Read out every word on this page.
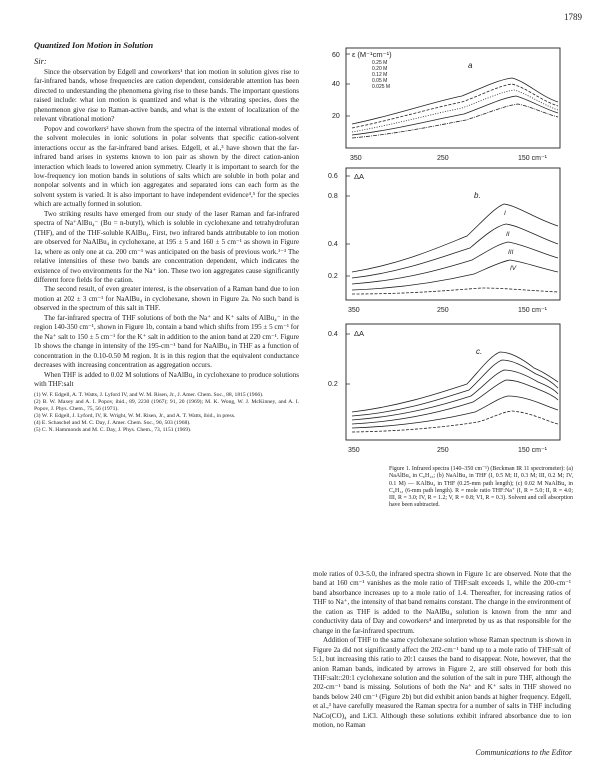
1789
Quantized Ion Motion in Solution
Sir:

Since the observation by Edgell and coworkers¹ that ion motion in solution gives rise to far-infrared bands, whose frequencies are cation dependent, considerable attention has been directed to understanding the phenomena giving rise to these bands. The important questions raised include: what ion motion is quantized and what is the vibrating species, does the phenomenon give rise to Raman-active bands, and what is the extent of localization of the relevant vibrational motion?

Popov and coworkers² have shown from the spectra of the internal vibrational modes of the solvent molecules in ionic solutions in polar solvents that specific cation-solvent interactions occur as the far-infrared band arises. Edgell, et al.,³ have shown that the far-infrared band arises in systems known to ion pair as shown by the direct cation-anion interaction which leads to lowered anion symmetry. Clearly it is important to search for the low-frequency ion motion bands in solutions of salts which are soluble in both polar and nonpolar solvents and in which ion aggregates and separated ions can each form as the solvent system is varied. It is also important to have independent evidence⁴,⁵ for the species which are actually formed in solution.

Two striking results have emerged from our study of the laser Raman and far-infrared spectra of Na⁺AlBu₄⁻ (Bu = n-butyl), which is soluble in cyclohexane and tetrahydrofuran (THF), and of the THF-soluble KAlBu₄. First, two infrared bands attributable to ion motion are observed for NaAlBu₄ in cyclohexane, at 195 ± 5 and 160 ± 5 cm⁻¹ as shown in Figure 1a, where as only one at ca. 200 cm⁻¹ was anticipated on the basis of previous work.¹⁻³ The relative intensities of these two bands are concentration dependent, which indicates the existence of two environments for the Na⁺ ion. These two ion aggregates cause significantly different force fields for the cation.

The second result, of even greater interest, is the observation of a Raman band due to ion motion at 202 ± 3 cm⁻¹ for NaAlBu₄ in cyclohexane, shown in Figure 2a. No such band is observed in the spectrum of this salt in THF.

The far-infrared spectra of THF solutions of both the Na⁺ and K⁺ salts of AlBu₄⁻ in the region 140-350 cm⁻¹, shown in Figure 1b, contain a band which shifts from 195 ± 5 cm⁻¹ for the Na⁺ salt to 150 ± 5 cm⁻¹ for the K⁺ salt in addition to the anion band at 220 cm⁻¹. Figure 1b shows the change in intensity of the 195-cm⁻¹ band for NaAlBu₄ in THF as a function of concentration in the 0.10-0.50 M region. It is in this region that the equivalent conductance decreases with increasing concentration as aggregation occurs.

When THF is added to 0.02 M solutions of NaAlBu₄ in cyclohexane to produce solutions with THF:salt

(1) W. F. Edgell, A. T. Watts, J. Lyford IV, and W. M. Risen, Jr., J. Amer. Chem. Soc., 88, 1815 (1966).
(2) B. W. Maxey and A. I. Popov, ibid., 89, 2230 (1967); 91, 20 (1969); M. K. Wong, W. J. McKinney, and A. I. Popov, J. Phys. Chem., 75, 56 (1971).
(3) W. F. Edgell, J. Lyford, IV, R. Wright, W. M. Risen, Jr., and A. T. Watts, ibid., in press.
(4) E. Schaschel and M. C. Day, J. Amer. Chem. Soc., 90, 503 (1968).
(5) C. N. Hammonds and M. C. Day, J. Phys. Chem., 73, 1151 (1969).

ε (M⁻¹cm⁻¹)
60
40
20
a
0.25 M
0.20 M
0.12 M
0.05 M
0.025 M
350	250	150 cm⁻¹
ΔA
0.6
0.8
0.4
0.2
b.
I
II
III
IV
350	250	150 cm⁻¹
ΔA
0.4
0.2
c.
350	250	150 cm⁻¹
Figure 1. Infrared spectra (140–350 cm⁻¹) (Beckman IR 11 spectrometer): (a) NaAlBu₄ in C₆H₁₂; (b) NaAlBu₄ in THF (I, 0.5 M; II, 0.3 M; III, 0.2 M; IV, 0.1 M) — KAlBu₄ in THF (0.25-mm path length); (c) 0.02 M NaAlBu₄ in C₆H₁₂ (6-mm path length). R = mole ratio THF:Na⁺ (I, R = 5.0; II, R = 4.0; III, R = 3.0; IV, R = 1.2; V, R = 0.8; VI, R = 0.3). Solvent and cell absorption have been subtracted.

mole ratios of 0.3-5.0, the infrared spectra shown in Figure 1c are observed. Note that the band at 160 cm⁻¹ vanishes as the mole ratio of THF:salt exceeds 1, while the 200-cm⁻¹ band absorbance increases up to a mole ratio of 1.4. Thereafter, for increasing ratios of THF to Na⁺, the intensity of that band remains constant. The change in the environment of the cation as THF is added to the NaAlBu₄ solution is known from the nmr and conductivity data of Day and coworkers⁴ and interpreted by us as that responsible for the change in the far-infrared spectrum.

Addition of THF to the same cyclohexane solution whose Raman spectrum is shown in Figure 2a did not significantly affect the 202-cm⁻¹ band up to a mole ratio of THF:salt of 5:1, but increasing this ratio to 20:1 causes the band to disappear. Note, however, that the anion Raman bands, indicated by arrows in Figure 2, are still observed for both this THF:salt::20:1 cyclohexane solution and the solution of the salt in pure THF, although the 202-cm⁻¹ band is missing. Solutions of both the Na⁺ and K⁺ salts in THF showed no bands below 240 cm⁻¹ (Figure 2b) but did exhibit anion bands at higher frequency. Edgell, et al.,³ have carefully measured the Raman spectra for a number of salts in THF including NaCo(CO)₄ and LiCl. Although these solutions exhibit infrared absorbance due to ion motion, no Raman

Communications to the Editor
